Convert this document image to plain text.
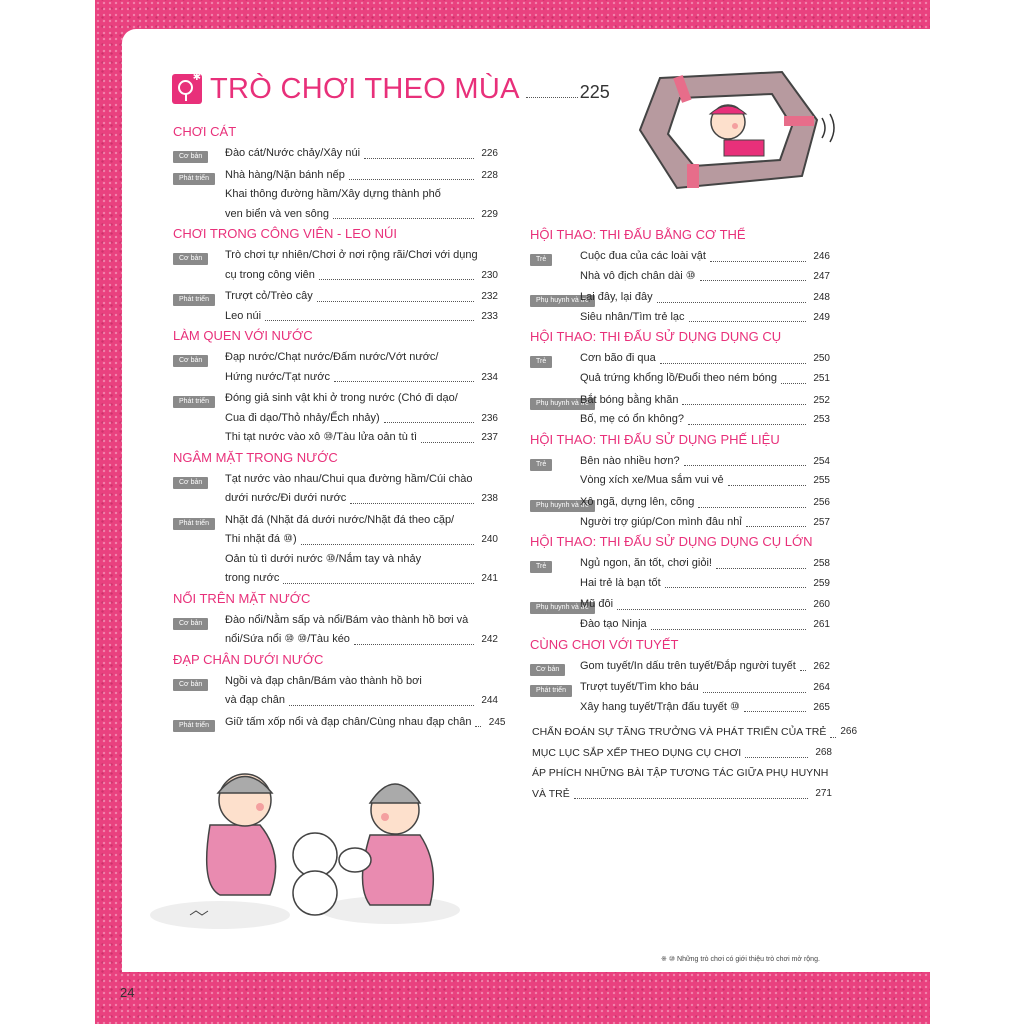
✱ TRÒ CHƠI THEO MÙA	225
CHƠI CÁT
Cơ bản	Đào cát/Nước chảy/Xây núi	226
Phát triển	Nhà hàng/Nặn bánh nếp	228
Khai thông đường hầm/Xây dựng thành phố
ven biển và ven sông	229
CHƠI TRONG CÔNG VIÊN - LEO NÚI
Cơ bản	Trò chơi tự nhiên/Chơi ở nơi rộng rãi/Chơi với dụng
cụ trong công viên	230
Phát triển	Trượt cỏ/Trèo cây	232
Leo núi	233
LÀM QUEN VỚI NƯỚC
Cơ bản	Đạp nước/Chạt nước/Đấm nước/Vớt nước/
Hứng nước/Tạt nước	234
Phát triển	Đóng giả sinh vật khi ở trong nước (Chó đi dạo/
Cua đi dạo/Thỏ nhảy/Ếch nhảy)	236
Thi tạt nước vào xô ⑩/Tàu lửa oản tù tì	237
NGÂM MẶT TRONG NƯỚC
Cơ bản	Tạt nước vào nhau/Chui qua đường hầm/Cúi chào
dưới nước/Đi dưới nước	238
Phát triển	Nhặt đá (Nhặt đá dưới nước/Nhặt đá theo cặp/
Thi nhặt đá ⑩)	240
Oản tù tì dưới nước ⑩/Nắm tay và nhảy
trong nước	241
NỔI TRÊN MẶT NƯỚC
Cơ bản	Đào nổi/Nằm sấp và nổi/Bám vào thành hồ bơi và
nổi/Sứa nổi ⑩ ⑩/Tàu kéo	242
ĐẠP CHÂN DƯỚI NƯỚC
Cơ bản	Ngồi và đạp chân/Bám vào thành hồ bơi
và đạp chân	244
Phát triển	Giữ tấm xốp nổi và đạp chân/Cùng nhau đạp chân	245
HỘI THAO: THI ĐẤU BẰNG CƠ THỂ
Trẻ	Cuộc đua của các loài vật	246
Nhà vô địch chân dài ⑩	247
Phụ huynh và trẻ
Lại đây, lại đây	248
Siêu nhân/Tìm trẻ lạc	249
HỘI THAO: THI ĐẤU SỬ DỤNG DỤNG CỤ
Trẻ	Cơn bão đi qua	250
Quả trứng khổng lồ/Đuổi theo ném bóng	251
Phụ huynh và trẻ
Bắt bóng bằng khăn	252
Bố, mẹ có ổn không?	253
HỘI THAO: THI ĐẤU SỬ DỤNG PHẾ LIỆU
Trẻ	Bên nào nhiều hơn?	254
Vòng xích xe/Mua sắm vui vẻ	255
Phụ huynh và trẻ
Xô ngã, dựng lên, cõng	256
Người trợ giúp/Con mình đâu nhỉ	257
HỘI THAO: THI ĐẤU SỬ DỤNG DỤNG CỤ LỚN
Trẻ	Ngủ ngon, ăn tốt, chơi giỏi!	258
Hai trẻ là bạn tốt	259
Phụ huynh và trẻ
Mũ đôi	260
Đào tạo Ninja	261
CÙNG CHƠI VỚI TUYẾT
Cơ bản	Gom tuyết/In dấu trên tuyết/Đắp người tuyết	262
Phát triển	Trượt tuyết/Tìm kho báu	264
Xây hang tuyết/Trận đấu tuyết ⑩	265
CHẨN ĐOÁN SỰ TĂNG TRƯỞNG VÀ PHÁT TRIỂN CỦA TRẺ 266
MỤC LỤC SẮP XẾP THEO DỤNG CỤ CHƠI	268
ÁP PHÍCH NHỮNG BÀI TẬP TƯƠNG TÁC GIỮA PHỤ HUYNH
VÀ TRẺ	271
※ ⑩ Những trò chơi có giới thiệu trò chơi mở rộng.
24
